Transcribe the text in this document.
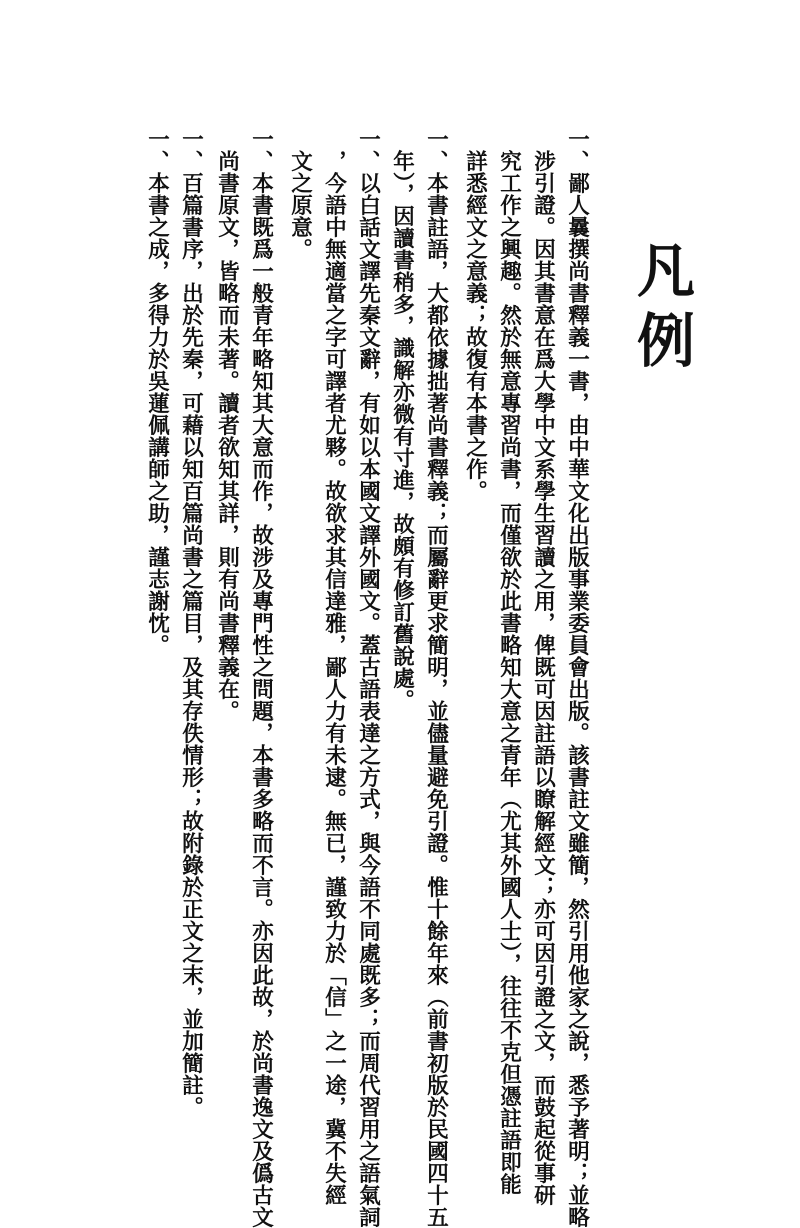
凡例
一、鄙人曩撰尚書釋義一書，由中華文化出版事業委員會出版。該書註文雖簡，然引用他家之說，悉予著明；並略
涉引證。因其書意在爲大學中文系學生習讀之用，俾既可因註語以瞭解經文；亦可因引證之文，而鼓起從事研
究工作之興趣。然於無意專習尚書，而僅欲於此書略知大意之青年（尤其外國人士），往往不克但憑註語即能
詳悉經文之意義；故復有本書之作。
一、本書註語，大都依據拙著尚書釋義；而屬辭更求簡明，並儘量避免引證。惟十餘年來（前書初版於民國四十五
年），因讀書稍多，識解亦微有寸進，故頗有修訂舊說處。
一、以白話文譯先秦文辭，有如以本國文譯外國文。蓋古語表達之方式，與今語不同處既多；而周代習用之語氣詞
，今語中無適當之字可譯者尤夥。故欲求其信達雅，鄙人力有未逮。無已，謹致力於「信」之一途，冀不失經
文之原意。
一、本書既爲一般青年略知其大意而作，故涉及專門性之問題，本書多略而不言。亦因此故，於尚書逸文及僞古文
尚書原文，皆略而未著。讀者欲知其詳，則有尚書釋義在。
一、百篇書序，出於先秦，可藉以知百篇尚書之篇目，及其存佚情形；故附錄於正文之末，並加簡註。
一、本書之成，多得力於吳蓮佩講師之助，謹志謝忱。
